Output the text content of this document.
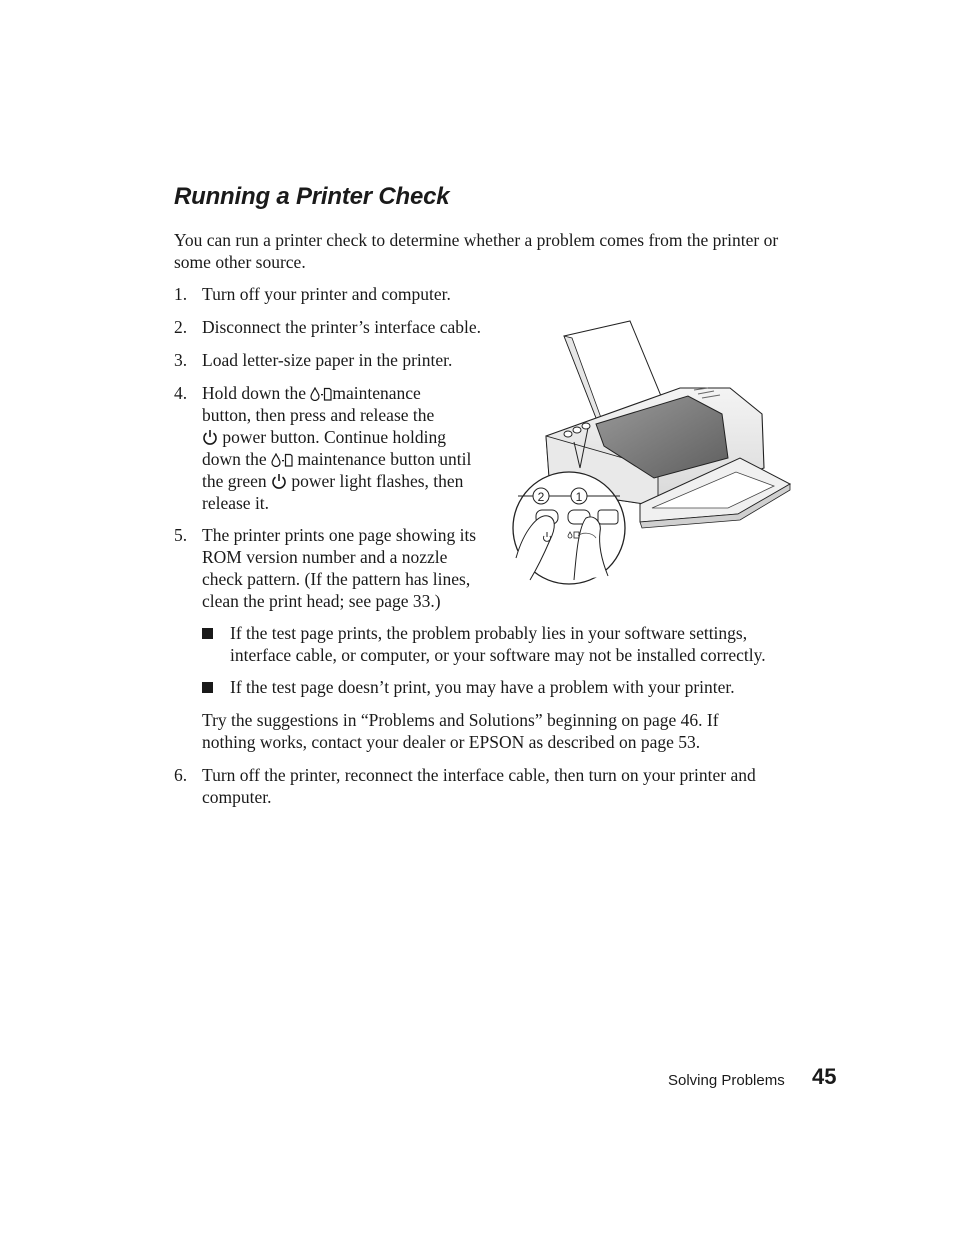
Running a Printer Check

You can run a printer check to determine whether a problem comes from the printer or some other source.

1. Turn off your printer and computer.
2. Disconnect the printer’s interface cable.
3. Load letter-size paper in the printer.
4. Hold down the maintenance
button, then press and release the
power button. Continue holding
down the  maintenance button until
the green  power light flashes, then
release it.
5. The printer prints one page showing its
ROM version number and a nozzle
check pattern. (If the pattern has lines,
clean the print head; see page 33.)
If the test page prints, the problem probably lies in your software settings,
interface cable, or computer, or your software may not be installed correctly.
If the test page doesn’t print, you may have a problem with your printer.
Try the suggestions in “Problems and Solutions” beginning on page 46. If
nothing works, contact your dealer or EPSON as described on page 53.
6. Turn off the printer, reconnect the interface cable, then turn on your printer and
computer.
2	1
Solving Problems 45
